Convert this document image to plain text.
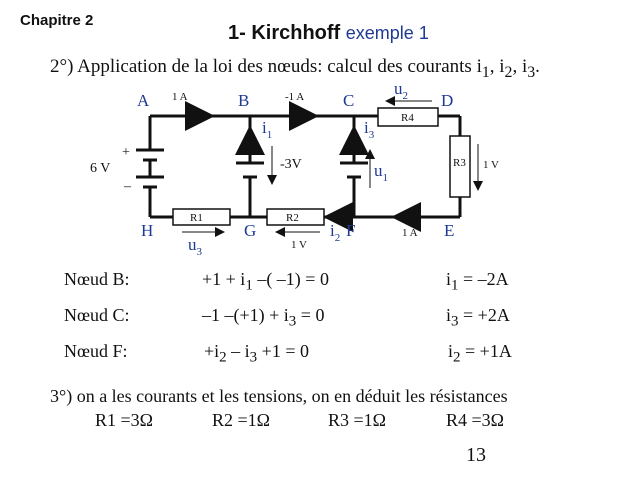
Chapitre 2
1- Kirchhoff exemple 1
2°) Application de la loi des nœuds: calcul des courants $i_1$, $i_2$, $i_3$.
R4
R3
R1	R2
A	B	C	D
E
F
G
H
1 A	-1 A
1 A
$i_1$	$i_3$
$i_2$
6 V
+
–
-3V	1 V
1 V
$u_1$
$u_2$
$u_3$
Nœud B:	$+1 + i_1$ –( –1) = 0	$i_1 = -2A$
Nœud C:	–1 $-(+1) + i_3 = 0$	$i_3 = +2A$
Nœud F:	$+i_2 - i_3 +1 = 0$	$i_2 = +1A$
3°) on a les courants et les tensions, on en déduit les résistances
R1 =3Ω	R2 =1Ω	R3 =1Ω	R4 =3Ω
13
